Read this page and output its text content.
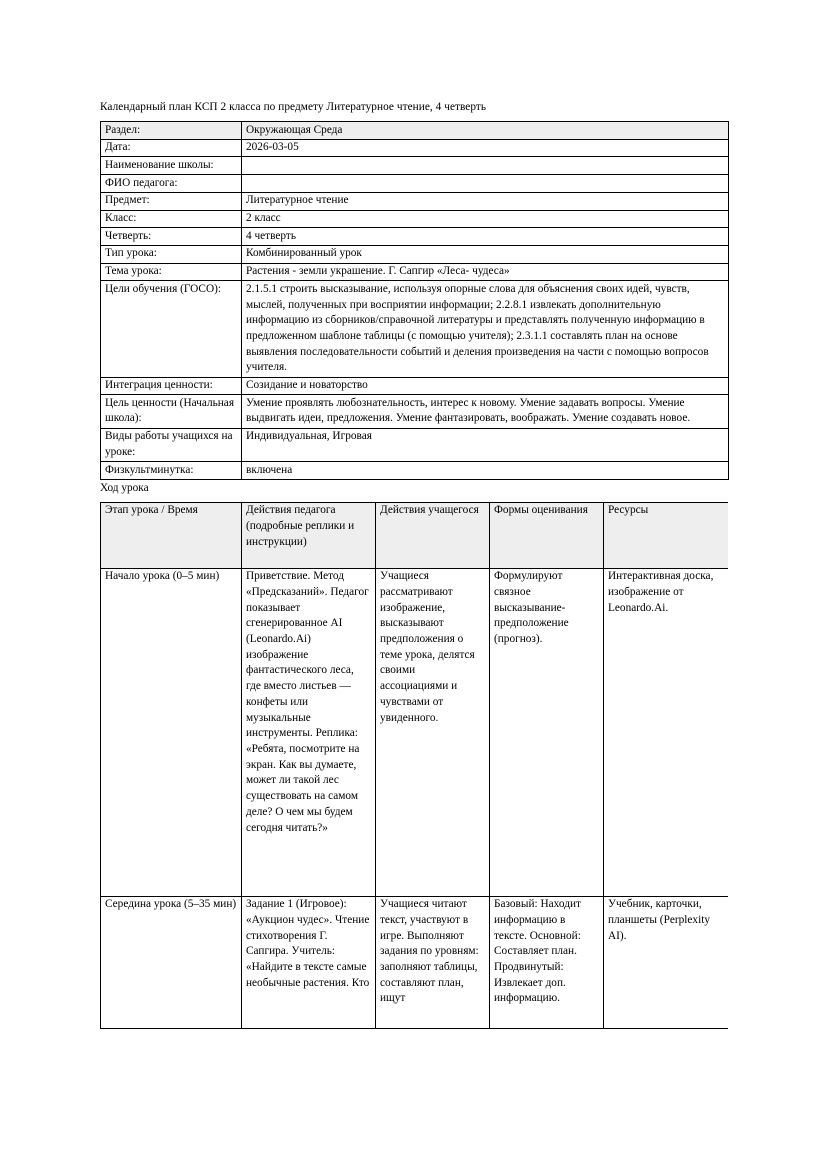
Календарный план КСП 2 класса по предмету Литературное чтение, 4 четверть

Раздел:	Окружающая Среда
Дата:	2026-03-05
Наименование школы:	
ФИО педагога:	
Предмет:	Литературное чтение
Класс:	2 класс
Четверть:	4 четверть
Тип урока:	Комбинированный урок
Тема урока:	Растения - земли украшение. Г. Сапгир «Леса- чудеса»
Цели обучения (ГОСО):	2.1.5.1 строить высказывание, используя опорные слова для объяснения своих идей, чувств, мыслей, полученных при восприятии информации; 2.2.8.1 извлекать дополнительную информацию из сборников/справочной литературы и представлять полученную информацию в предложенном шаблоне таблицы (с помощью учителя); 2.3.1.1 составлять план на основе выявления последовательности событий и деления произведения на части с помощью вопросов учителя.
Интеграция ценности:	Созидание и новаторство
Цель ценности (Начальная школа):	Умение проявлять любознательность, интерес к новому. Умение задавать вопросы. Умение выдвигать идеи, предложения. Умение фантазировать, воображать. Умение создавать новое.
Виды работы учащихся на уроке:	Индивидуальная, Игровая
Физкультминутка:	включена

Ход урока

Этап урока / Время	Действия педагога (подробные реплики и инструкции)	Действия учащегося	Формы оценивания	Ресурсы
Начало урока (0–5 мин)	Приветствие. Метод «Предсказаний». Педагог показывает сгенерированное AI (Leonardo.Ai) изображение фантастического леса, где вместо листьев — конфеты или музыкальные инструменты. Реплика: «Ребята, посмотрите на экран. Как вы думаете, может ли такой лес существовать на самом деле? О чем мы будем сегодня читать?»	Учащиеся рассматривают изображение, высказывают предположения о теме урока, делятся своими ассоциациями и чувствами от увиденного.	Формулируют связное высказывание-предположение (прогноз).	Интерактивная доска, изображение от Leonardo.Ai.
Середина урока (5–35 мин)	Задание 1 (Игровое): «Аукцион чудес». Чтение стихотворения Г. Сапгира. Учитель: «Найдите в тексте самые необычные растения. Кто	Учащиеся читают текст, участвуют в игре. Выполняют задания по уровням: заполняют таблицы, составляют план, ищут	Базовый: Находит информацию в тексте. Основной: Составляет план. Продвинутый: Извлекает доп. информацию.	Учебник, карточки, планшеты (Perplexity AI).
